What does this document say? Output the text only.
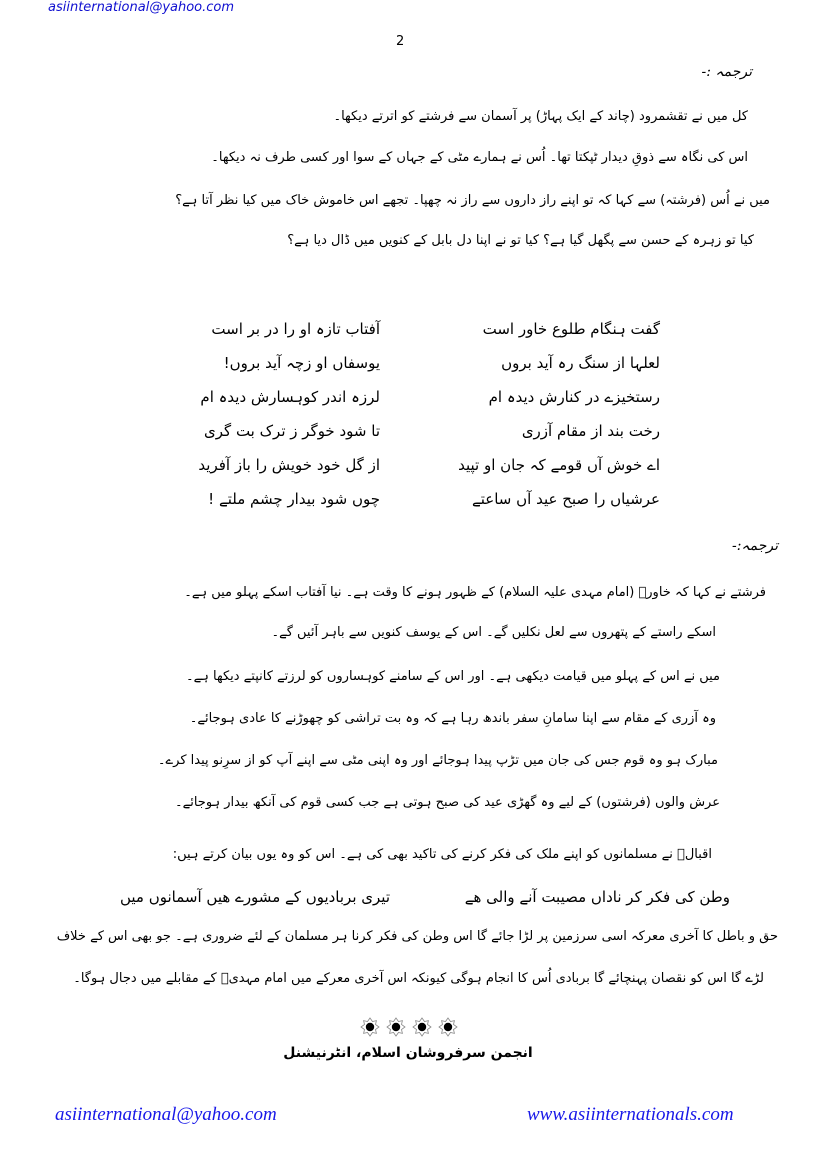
asiinternational@yahoo.com
2
ترجمہ :-
کل میں نے تقشمرود (چاند کے ایک پہاڑ) پر آسمان سے فرشتے کو اترتے دیکھا۔
اس کی نگاہ سے ذوقِ دیدار ٹپکتا تھا۔ اُس نے ہمارے مٹی کے جہاں کے سوا اور کسی طرف نہ دیکھا۔
میں نے اُس (فرشتہ) سے کہا کہ تو اپنے راز داروں سے راز نہ چھپا۔ تجھے اس خاموش خاک میں کیا نظر آتا ہے؟
کیا تو زہرہ کے حسن سے پگھل گیا ہے؟ کیا تو نے اپنا دل بابل کے کنویں میں ڈال دیا ہے؟
گفت ہنگام طلوع خاور است
آفتاب تازہ او را در بر است
لعلہا از سنگ رہ آید بروں
یوسفاں او زچہ آید بروں!
رستخیزے در کنارش دیدہ ام
لرزہ اندر کوہسارش دیدہ ام
رخت بند از مقام آزری
تا شود خوگر ز ترک بت گری
اے خوش آں قومے کہ جان او تپید
از گل خود خویش را باز آفرید
عرشیاں را صبح عید آں ساعتے
چوں شود بیدار چشم ملتے !
ترجمہ:-
فرشتے نے کہا کہ خاورؒ (امام مہدی علیہ السلام) کے ظہور ہونے کا وقت ہے۔ نیا آفتاب اسکے پہلو میں ہے۔
اسکے راستے کے پتھروں سے لعل نکلیں گے۔ اس کے یوسف کنویں سے باہر آئیں گے۔
میں نے اس کے پہلو میں قیامت دیکھی ہے۔ اور اس کے سامنے کوہساروں کو لرزتے کانپتے دیکھا ہے۔
وہ آزری کے مقام سے اپنا سامانِ سفر باندھ رہا ہے کہ وہ بت تراشی کو چھوڑنے کا عادی ہوجائے۔
مبارک ہو وہ قوم جس کی جان میں تڑپ پیدا ہوجائے اور وہ اپنی مٹی سے اپنے آپ کو از سرِنو پیدا کرے۔
عرش والوں (فرشتوں) کے لیے وہ گھڑی عید کی صبح ہوتی ہے جب کسی قوم کی آنکھ بیدار ہوجائے۔
اقبالؒ نے مسلمانوں کو اپنے ملک کی فکر کرنے کی تاکید بھی کی ہے۔ اس کو وہ یوں بیان کرتے ہیں:
وطن کی فکر کر ناداں مصیبت آنے والی ھے
تیری بربادیوں کے مشورے ھیں آسمانوں میں
حق و باطل کا آخری معرکہ اسی سرزمین پر لڑا جائے گا اس وطن کی فکر کرنا ہر مسلمان کے لئے ضروری ہے۔ جو بھی اس کے خلاف
لڑے گا اس کو نقصان پہنچائے گا بربادی اُس کا انجام ہوگی کیونکہ اس آخری معرکے میں امام مہدیؑ کے مقابلے میں دجال ہوگا۔
انجمن سرفروشان اسلام، انٹرنیشنل
asiinternational@yahoo.com	www.asiinternationals.com
